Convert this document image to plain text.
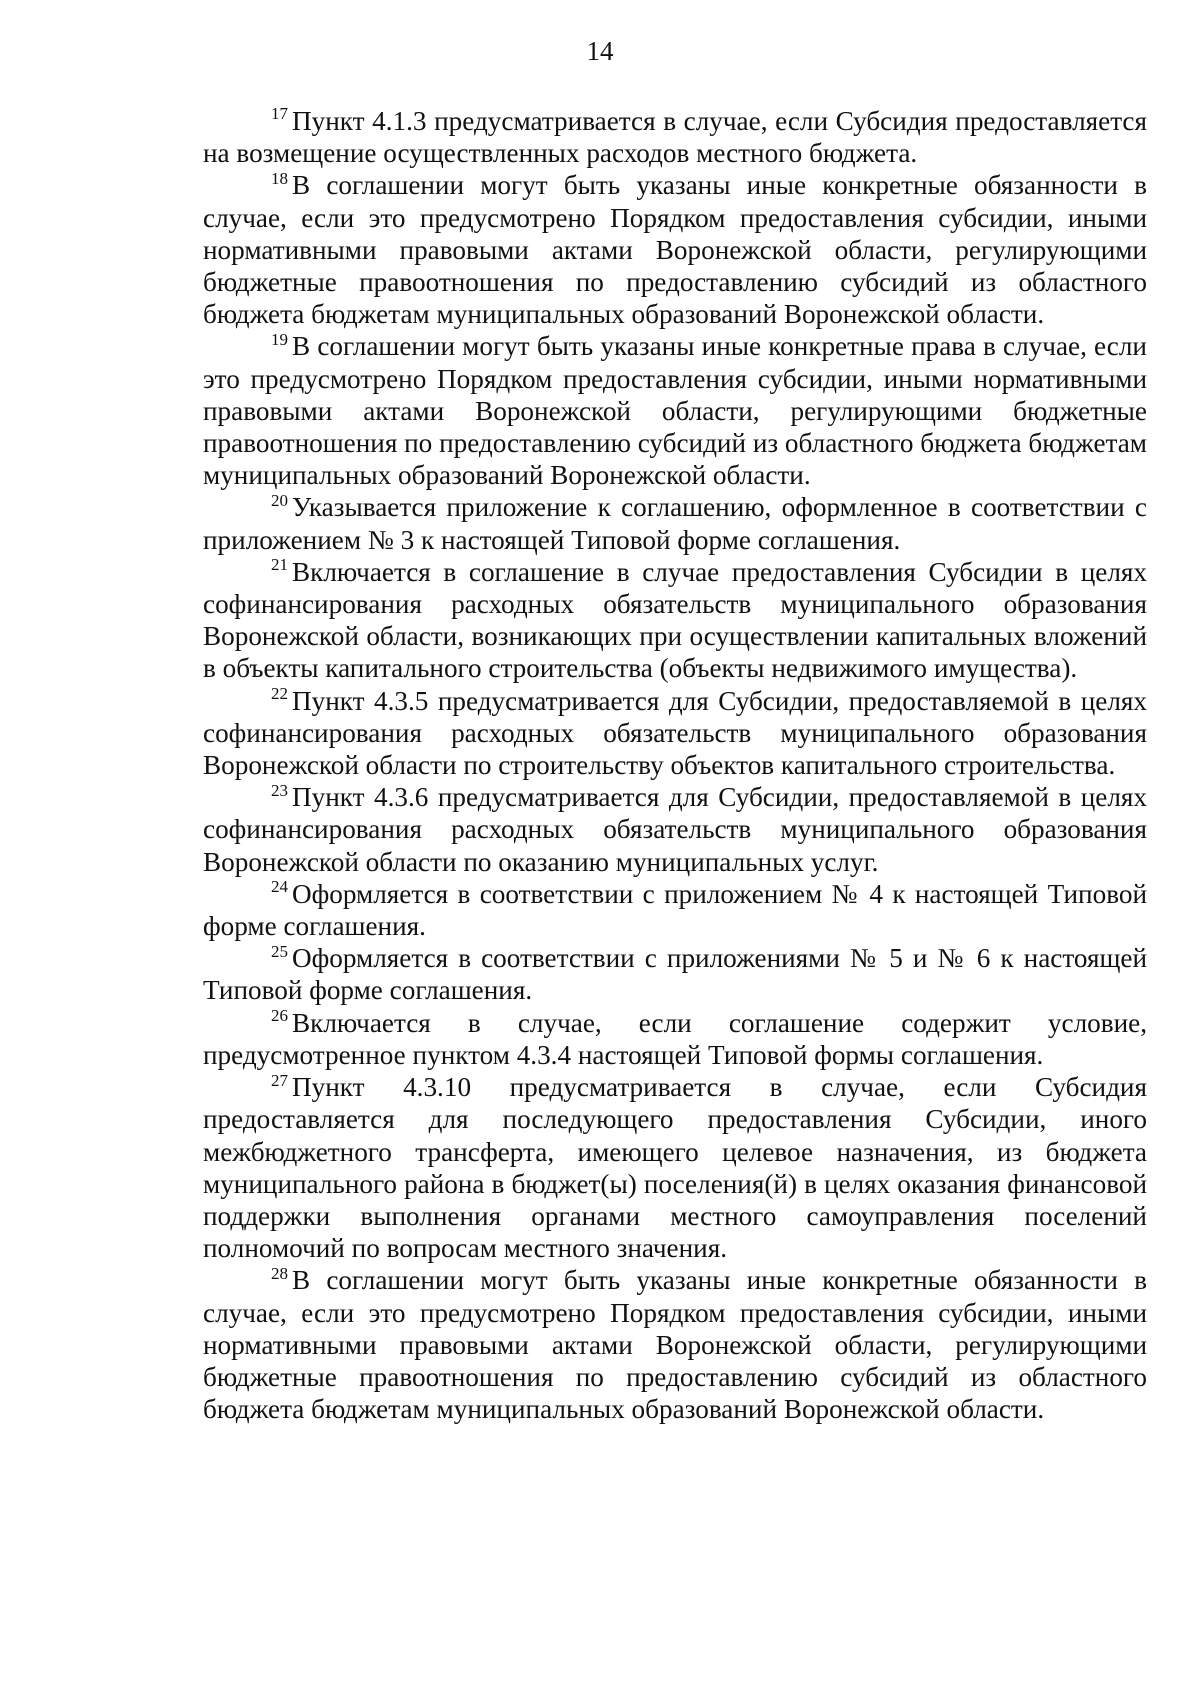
14

$^{17}$ Пункт 4.1.3 предусматривается в случае, если Субсидия предоставляется на возмещение осуществленных расходов местного бюджета.

$^{18}$ В соглашении могут быть указаны иные конкретные обязанности в случае, если это предусмотрено Порядком предоставления субсидии, иными нормативными правовыми актами Воронежской области, регулирующими бюджетные правоотношения по предоставлению субсидий из областного бюджета бюджетам муниципальных образований Воронежской области.

$^{19}$ В соглашении могут быть указаны иные конкретные права в случае, если это предусмотрено Порядком предоставления субсидии, иными нормативными правовыми актами Воронежской области, регулирующими бюджетные правоотношения по предоставлению субсидий из областного бюджета бюджетам муниципальных образований Воронежской области.

$^{20}$ Указывается приложение к соглашению, оформленное в соответствии с приложением № 3 к настоящей Типовой форме соглашения.

$^{21}$ Включается в соглашение в случае предоставления Субсидии в целях софинансирования расходных обязательств муниципального образования Воронежской области, возникающих при осуществлении капитальных вложений в объекты капитального строительства (объекты недвижимого имущества).

$^{22}$ Пункт 4.3.5 предусматривается для Субсидии, предоставляемой в целях софинансирования расходных обязательств муниципального образования Воронежской области по строительству объектов капитального строительства.

$^{23}$ Пункт 4.3.6 предусматривается для Субсидии, предоставляемой в целях софинансирования расходных обязательств муниципального образования Воронежской области по оказанию муниципальных услуг.

$^{24}$ Оформляется в соответствии с приложением № 4 к настоящей Типовой форме соглашения.

$^{25}$ Оформляется в соответствии с приложениями № 5 и № 6 к настоящей Типовой форме соглашения.

$^{26}$ Включается в случае, если соглашение содержит условие, предусмотренное пунктом 4.3.4 настоящей Типовой формы соглашения.

$^{27}$ Пункт 4.3.10 предусматривается в случае, если Субсидия предоставляется для последующего предоставления Субсидии, иного межбюджетного трансферта, имеющего целевое назначения, из бюджета муниципального района в бюджет(ы) поселения(й) в целях оказания финансовой поддержки выполнения органами местного самоуправления поселений полномочий по вопросам местного значения.

$^{28}$ В соглашении могут быть указаны иные конкретные обязанности в случае, если это предусмотрено Порядком предоставления субсидии, иными нормативными правовыми актами Воронежской области, регулирующими бюджетные правоотношения по предоставлению субсидий из областного бюджета бюджетам муниципальных образований Воронежской области.
